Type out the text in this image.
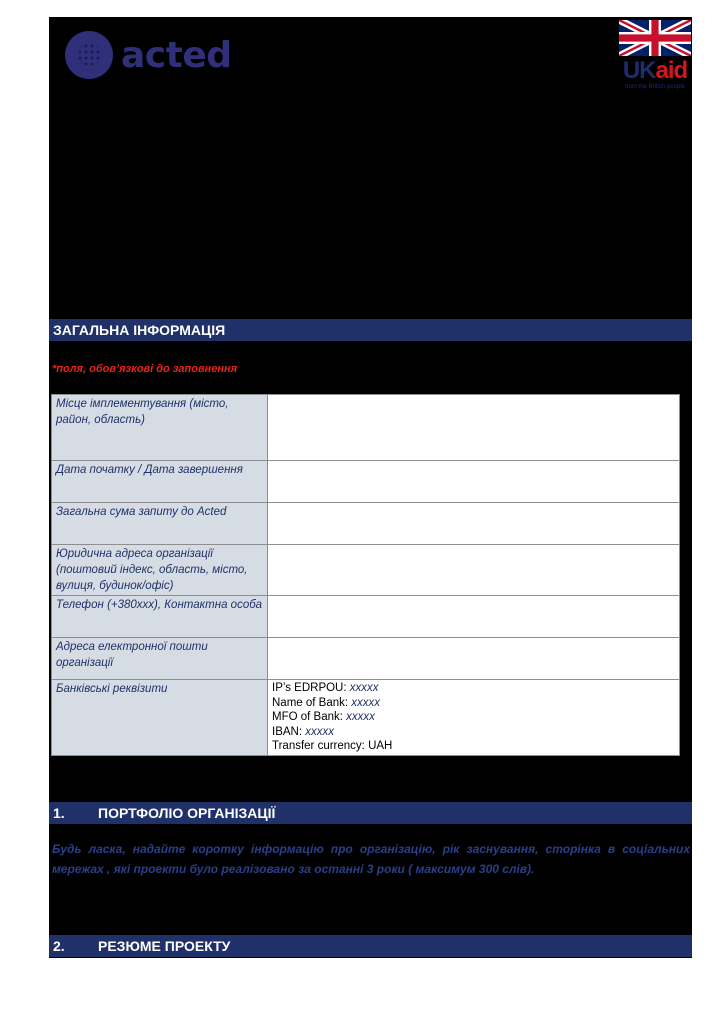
acted	UKaid
from the British people
ЗАГАЛЬНА ІНФОРМАЦІЯ
*поля, обов’язкові до заповнення
Місце імплементування (місто, район, область)	
Дата початку / Дата завершення	
Загальна сума запиту до Acted	
Юридична адреса організації (поштовий індекс, область, місто, вулиця, будинок/офіс)	
Телефон (+380xxx), Контактна особа	
Адреса електронної пошти організації	
Банківські реквізити	IP’s EDRPOU: xxxxx
Name of Bank: xxxxx
MFO of Bank: xxxxx
IBAN: xxxxx
Transfer currency: UAH
1.	ПОРТФОЛІО ОРГАНІЗАЦІЇ
Будь ласка, надайте коротку інформацію про організацію, рік заснування, сторінка в соціальних мережах , які проекти було реалізовано за останні 3 роки ( максимум 300 слів).
2.	РЕЗЮМЕ ПРОЕКТУ
